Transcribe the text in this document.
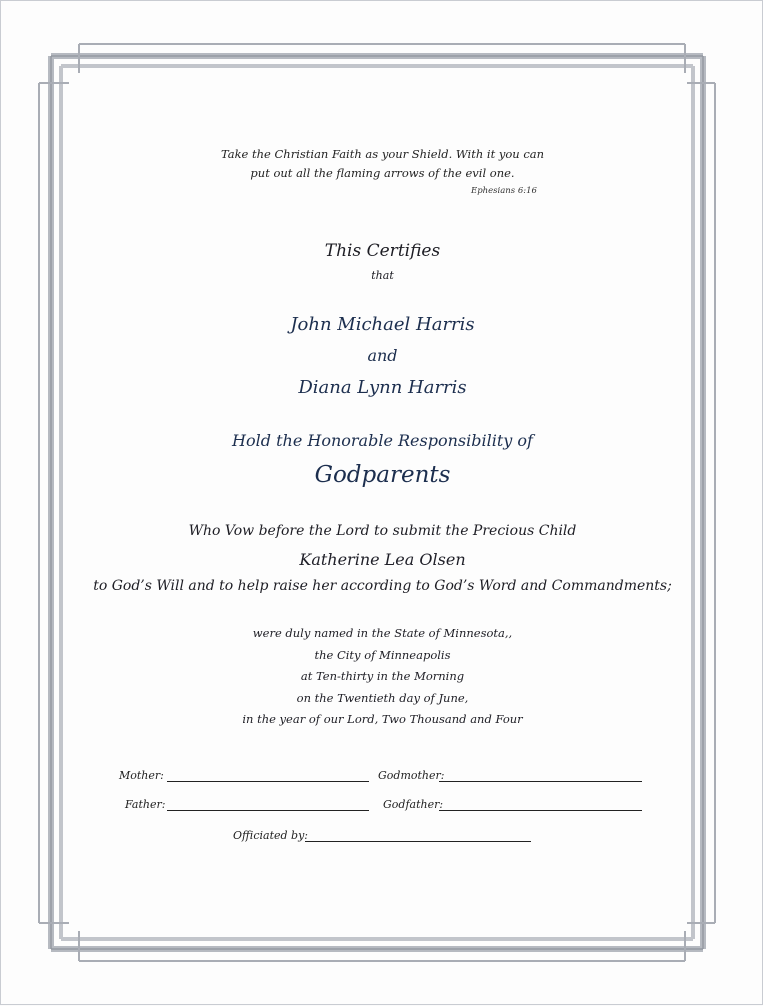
Take the Christian Faith as your Shield. With it you can
put out all the flaming arrows of the evil one.
Ephesians 6:16
This Certifies
that
John Michael Harris
and
Diana Lynn Harris
Hold the Honorable Responsibility of
Godparents
Who Vow before the Lord to submit the Precious Child
Katherine Lea Olsen
to God’s Will and to help raise her according to God’s Word and Commandments;
were duly named in the State of Minnesota,,
the City of Minneapolis
at Ten-thirty in the Morning
on the Twentieth day of June,
in the year of our Lord, Two Thousand and Four
Mother:	Godmother:
Father:	Godfather:
Officiated by:
